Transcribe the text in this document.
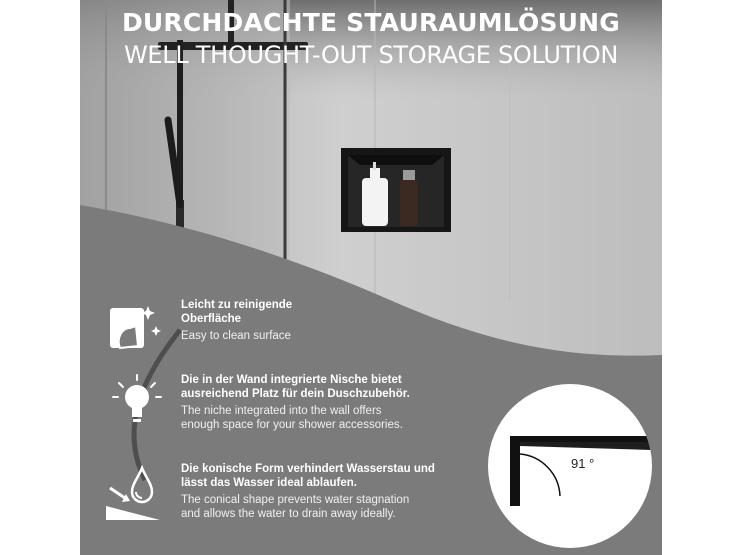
DURCHDACHTE STAURAUMLÖSUNG
WELL THOUGHT-OUT STORAGE SOLUTION
Leicht zu reinigende
Oberfläche
Easy to clean surface
Die in der Wand integrierte Nische bietet
ausreichend Platz für dein Duschzubehör.
The niche integrated into the wall offers
enough space for your shower accessories.
Die konische Form verhindert Wasserstau und
lässt das Wasser ideal ablaufen.
The conical shape prevents water stagnation
and allows the water to drain away ideally.
91 °
